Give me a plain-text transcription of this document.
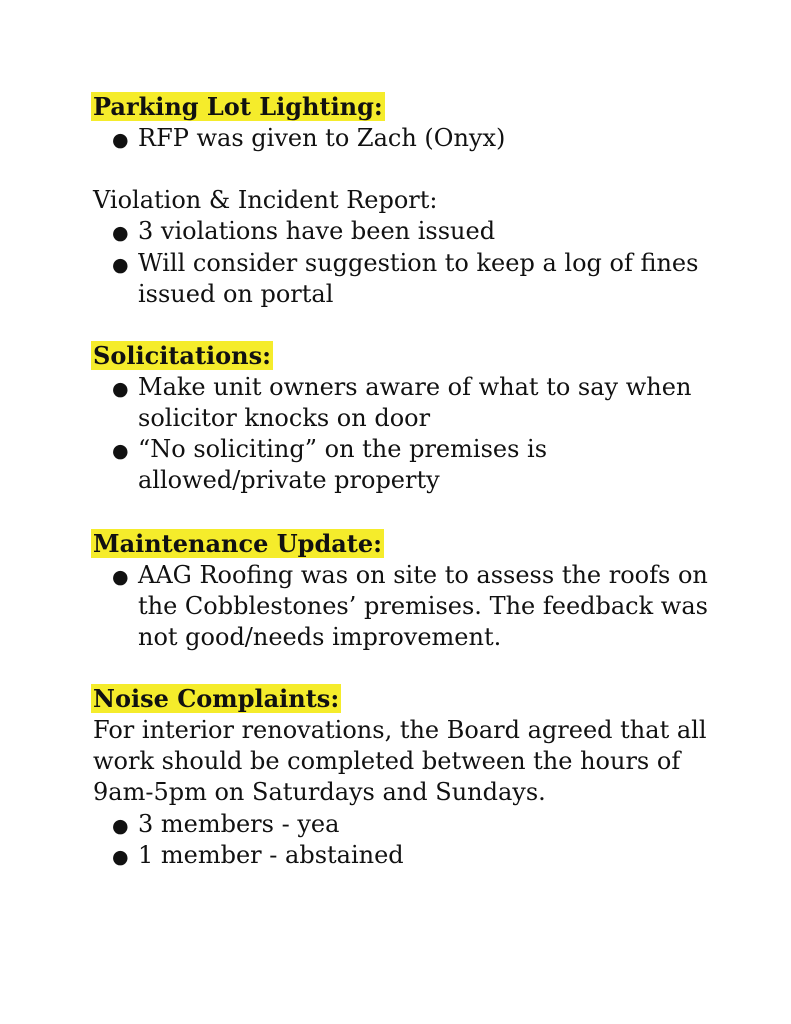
Parking Lot Lighting:
● RFP was given to Zach (Onyx)
Violation & Incident Report:
● 3 violations have been issued
● Will consider suggestion to keep a log of fines
issued on portal
Solicitations:
● Make unit owners aware of what to say when
solicitor knocks on door
● “No soliciting” on the premises is
allowed/private property
Maintenance Update:
● AAG Roofing was on site to assess the roofs on
the Cobblestones’ premises. The feedback was
not good/needs improvement.
Noise Complaints:
For interior renovations, the Board agreed that all
work should be completed between the hours of
9am-5pm on Saturdays and Sundays.
● 3 members - yea
● 1 member - abstained
